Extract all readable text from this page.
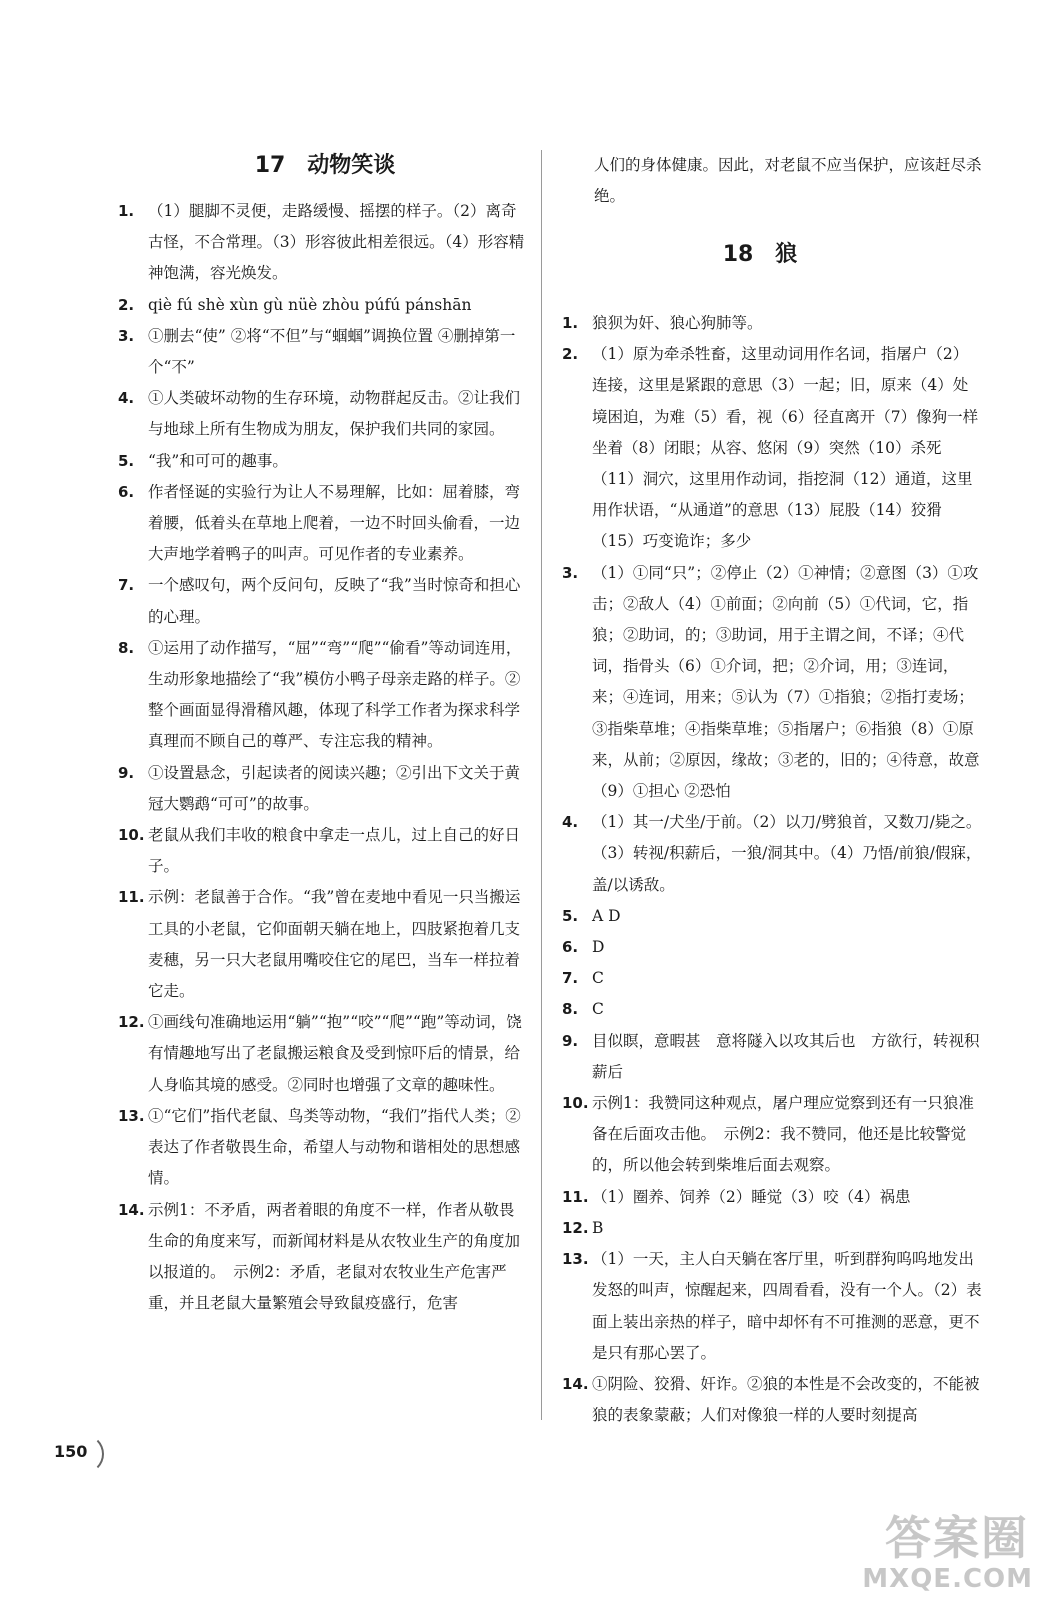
17　动物笑谈
1. （1）腿脚不灵便，走路缓慢、摇摆的样子。（2）离奇古怪，不合常理。（3）形容彼此相差很远。（4）形容精神饱满，容光焕发。
2. qiè fú shè xùn gù nüè zhòu púfú pánshān
3. ①删去“使” ②将“不但”与“蝈蝈”调换位置 ④删掉第一个“不”
4. ①人类破坏动物的生存环境，动物群起反击。②让我们与地球上所有生物成为朋友，保护我们共同的家园。
5. “我”和可可的趣事。
6. 作者怪诞的实验行为让人不易理解，比如：屈着膝，弯着腰，低着头在草地上爬着，一边不时回头偷看，一边大声地学着鸭子的叫声。可见作者的专业素养。
7. 一个感叹句，两个反问句，反映了“我”当时惊奇和担心的心理。
8. ①运用了动作描写，“屈”“弯”“爬”“偷看”等动词连用，生动形象地描绘了“我”模仿小鸭子母亲走路的样子。②整个画面显得滑稽风趣，体现了科学工作者为探求科学真理而不顾自己的尊严、专注忘我的精神。
9. ①设置悬念，引起读者的阅读兴趣；②引出下文关于黄冠大鹦鹉“可可”的故事。
10. 老鼠从我们丰收的粮食中拿走一点儿，过上自己的好日子。
11. 示例：老鼠善于合作。“我”曾在麦地中看见一只当搬运工具的小老鼠，它仰面朝天躺在地上，四肢紧抱着几支麦穗，另一只大老鼠用嘴咬住它的尾巴，当车一样拉着它走。
12. ①画线句准确地运用“躺”“抱”“咬”“爬”“跑”等动词，饶有情趣地写出了老鼠搬运粮食及受到惊吓后的情景，给人身临其境的感受。②同时也增强了文章的趣味性。
13. ①“它们”指代老鼠、鸟类等动物，“我们”指代人类；②表达了作者敬畏生命，希望人与动物和谐相处的思想感情。
14. 示例1：不矛盾，两者着眼的角度不一样，作者从敬畏生命的角度来写，而新闻材料是从农牧业生产的角度加以报道的。　示例2：矛盾，老鼠对农牧业生产危害严重，并且老鼠大量繁殖会导致鼠疫盛行，危害
人们的身体健康。因此，对老鼠不应当保护，应该赶尽杀绝。
1. 狼狈为奸、狼心狗肺等。
2. （1）原为牵杀牲畜，这里动词用作名词，指屠户（2）连接，这里是紧跟的意思（3）一起；旧，原来（4）处境困迫，为难（5）看，视（6）径直离开（7）像狗一样坐着（8）闭眼；从容、悠闲（9）突然（10）杀死（11）洞穴，这里用作动词，指挖洞（12）通道，这里用作状语，“从通道”的意思（13）屁股（14）狡猾（15）巧变诡诈；多少
3. （1）①同“只”；②停止（2）①神情；②意图（3）①攻击；②敌人（4）①前面；②向前（5）①代词，它，指狼；②助词，的；③助词，用于主谓之间，不译；④代词，指骨头（6）①介词，把；②介词，用；③连词，来；④连词，用来；⑤认为（7）①指狼；②指打麦场；③指柴草堆；④指柴草堆；⑤指屠户；⑥指狼（8）①原来，从前；②原因，缘故；③老的，旧的；④待意，故意（9）①担心 ②恐怕
4. （1）其一/犬坐/于前。（2）以刀/劈狼首，又数刀/毙之。（3）转视/积薪后，一狼/洞其中。（4）乃悟/前狼/假寐，盖/以诱敌。
5. A D
6. D
7. C
8. C
9. 目似瞑，意暇甚　意将隧入以攻其后也　方欲行，转视积薪后
10. 示例1：我赞同这种观点，屠户理应觉察到还有一只狼准备在后面攻击他。　示例2：我不赞同，他还是比较警觉的，所以他会转到柴堆后面去观察。
11. （1）圈养、饲养（2）睡觉（3）咬（4）祸患
12. B
13. （1）一天，主人白天躺在客厅里，听到群狗呜呜地发出发怒的叫声，惊醒起来，四周看看，没有一个人。（2）表面上装出亲热的样子，暗中却怀有不可推测的恶意，更不是只有那心罢了。
14. ①阴险、狡猾、奸诈。②狼的本性是不会改变的，不能被狼的表象蒙蔽；人们对像狼一样的人要时刻提高
18　狼
150
答案圈
MXQE.COM
